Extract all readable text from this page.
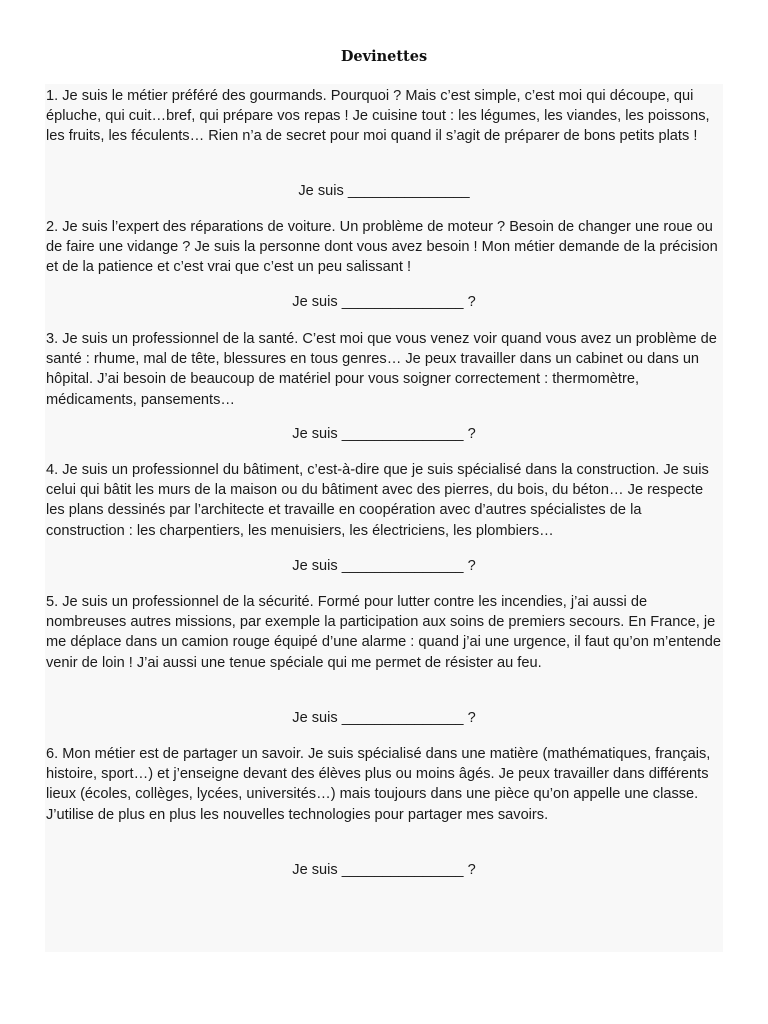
Devinettes

1. Je suis le métier préféré des gourmands. Pourquoi ? Mais c’est simple, c’est moi qui découpe, qui épluche, qui cuit…bref, qui prépare vos repas ! Je cuisine tout : les légumes, les viandes, les poissons, les fruits, les féculents… Rien n’a de secret pour moi quand il s’agit de préparer de bons petits plats !

Je suis _______________

2. Je suis l’expert des réparations de voiture. Un problème de moteur ? Besoin de changer une roue ou de faire une vidange ? Je suis la personne dont vous avez besoin ! Mon métier demande de la précision et de la patience et c’est vrai que c’est un peu salissant !

Je suis _______________ ?

3. Je suis un professionnel de la santé. C’est moi que vous venez voir quand vous avez un problème de santé : rhume, mal de tête, blessures en tous genres… Je peux travailler dans un cabinet ou dans un hôpital. J’ai besoin de beaucoup de matériel pour vous soigner correctement : thermomètre, médicaments, pansements…

Je suis _______________ ?

4. Je suis un professionnel du bâtiment, c’est-à-dire que je suis spécialisé dans la construction. Je suis celui qui bâtit les murs de la maison ou du bâtiment avec des pierres, du bois, du béton… Je respecte les plans dessinés par l’architecte et travaille en coopération avec d’autres spécialistes de la construction : les charpentiers, les menuisiers, les électriciens, les plombiers…

Je suis _______________ ?

5. Je suis un professionnel de la sécurité. Formé pour lutter contre les incendies, j’ai aussi de nombreuses autres missions, par exemple la participation aux soins de premiers secours. En France, je me déplace dans un camion rouge équipé d’une alarme : quand j’ai une urgence, il faut qu’on m’entende venir de loin ! J’ai aussi une tenue spéciale qui me permet de résister au feu.

Je suis _______________ ?

6. Mon métier est de partager un savoir. Je suis spécialisé dans une matière (mathématiques, français, histoire, sport…) et j’enseigne devant des élèves plus ou moins âgés. Je peux travailler dans différents lieux (écoles, collèges, lycées, universités…) mais toujours dans une pièce qu’on appelle une classe. J’utilise de plus en plus les nouvelles technologies pour partager mes savoirs.

Je suis _______________ ?
